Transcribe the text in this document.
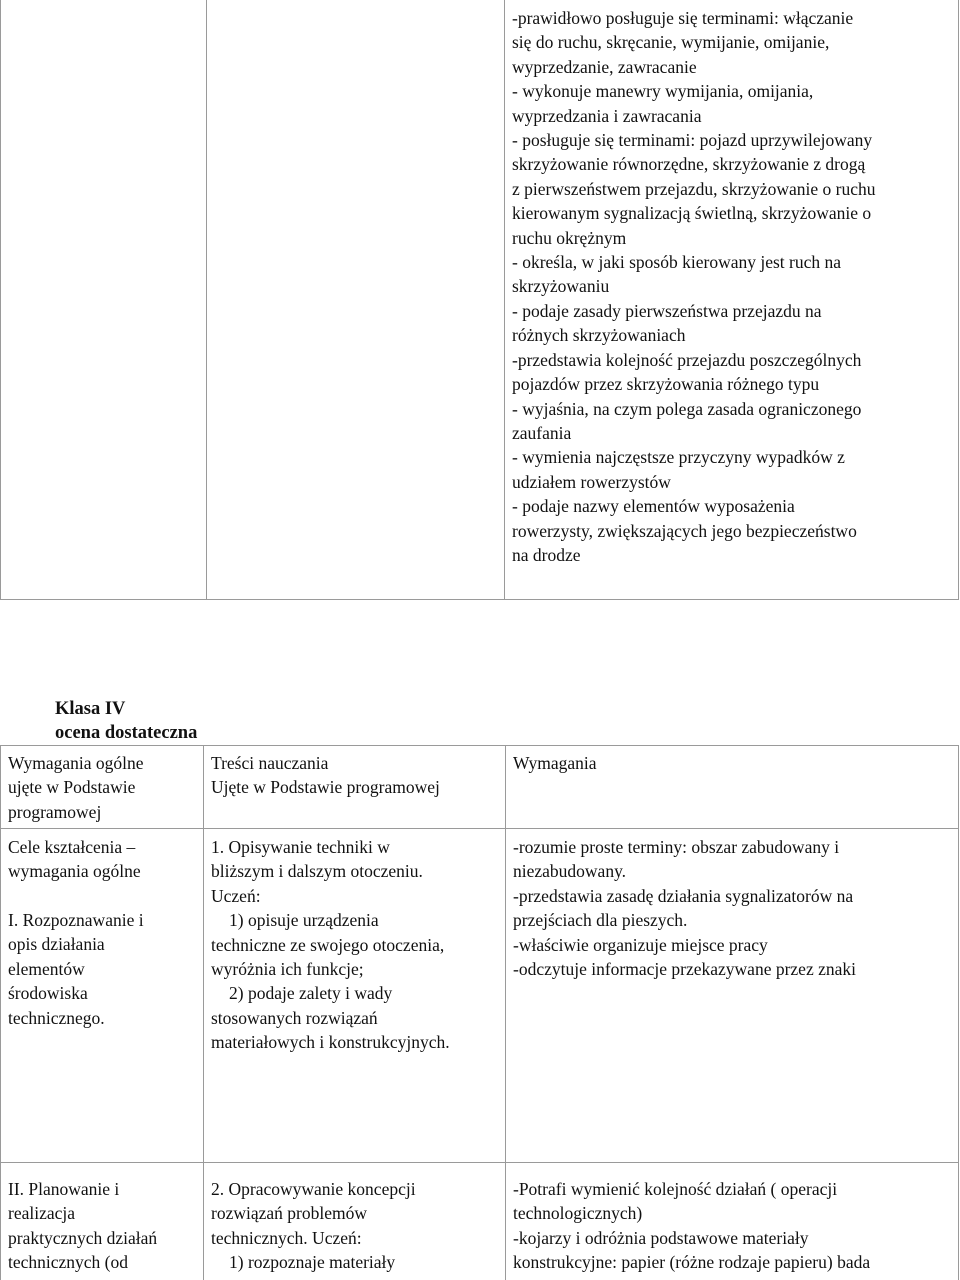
-prawidłowo posługuje się terminami: włączanie
się do ruchu, skręcanie, wymijanie, omijanie,
wyprzedzanie, zawracanie
- wykonuje manewry wymijania, omijania,
wyprzedzania i zawracania
- posługuje się terminami: pojazd uprzywilejowany
skrzyżowanie równorzędne, skrzyżowanie z drogą
z pierwszeństwem przejazdu, skrzyżowanie o ruchu
kierowanym sygnalizacją świetlną, skrzyżowanie o
ruchu okrężnym
- określa, w jaki sposób kierowany jest ruch na
skrzyżowaniu
- podaje zasady pierwszeństwa przejazdu na
różnych skrzyżowaniach
-przedstawia kolejność przejazdu poszczególnych
pojazdów przez skrzyżowania różnego typu
- wyjaśnia, na czym polega zasada ograniczonego
zaufania
- wymienia najczęstsze przyczyny wypadków z
udziałem rowerzystów
- podaje nazwy elementów wyposażenia
rowerzysty, zwiększających jego bezpieczeństwo
na drodze
Klasa IV
ocena dostateczna
Wymagania ogólne
ujęte w Podstawie
programowej
Treści nauczania
Ujęte w Podstawie programowej
Wymagania
Cele kształcenia –
wymagania ogólne
I. Rozpoznawanie i
opis działania
elementów
środowiska
technicznego.
1. Opisywanie techniki w
bliższym i dalszym otoczeniu.
Uczeń:
1) opisuje urządzenia
techniczne ze swojego otoczenia,
wyróżnia ich funkcje;
2) podaje zalety i wady
stosowanych rozwiązań
materiałowych i konstrukcyjnych.
-rozumie proste terminy: obszar zabudowany i
niezabudowany.
-przedstawia zasadę działania sygnalizatorów na
przejściach dla pieszych.
-właściwie organizuje miejsce pracy
-odczytuje informacje przekazywane przez znaki
II. Planowanie i
realizacja
praktycznych działań
technicznych (od
2. Opracowywanie koncepcji
rozwiązań problemów
technicznych. Uczeń:
1) rozpoznaje materiały
-Potrafi wymienić kolejność działań ( operacji
technologicznych)
-kojarzy i odróżnia podstawowe materiały
konstrukcyjne: papier (różne rodzaje papieru) bada
